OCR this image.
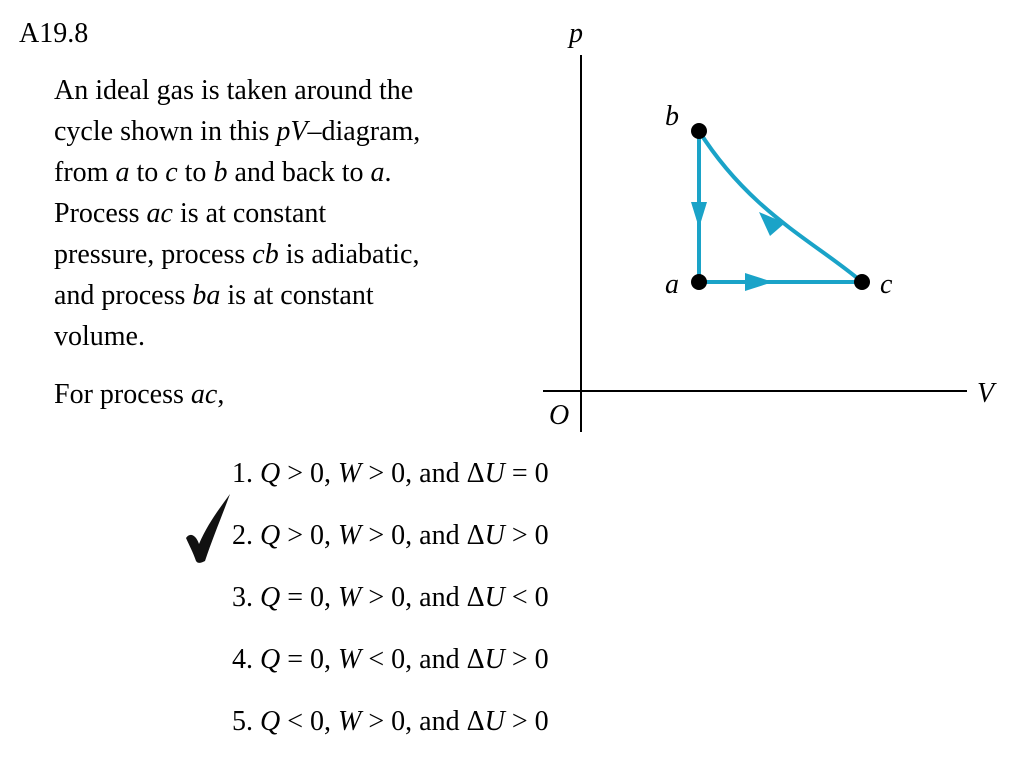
A19.8
An ideal gas is taken around the
cycle shown in this pV–diagram,
from a to c to b and back to a.
Process ac is at constant
pressure, process cb is adiabatic,
and process ba is at constant
volume.
For process ac,
p
V
O
b
a	c
1. Q > 0, W > 0, and ΔU = 0
2. Q > 0, W > 0, and ΔU > 0
3. Q = 0, W > 0, and ΔU < 0
4. Q = 0, W < 0, and ΔU > 0
5. Q < 0, W > 0, and ΔU > 0
